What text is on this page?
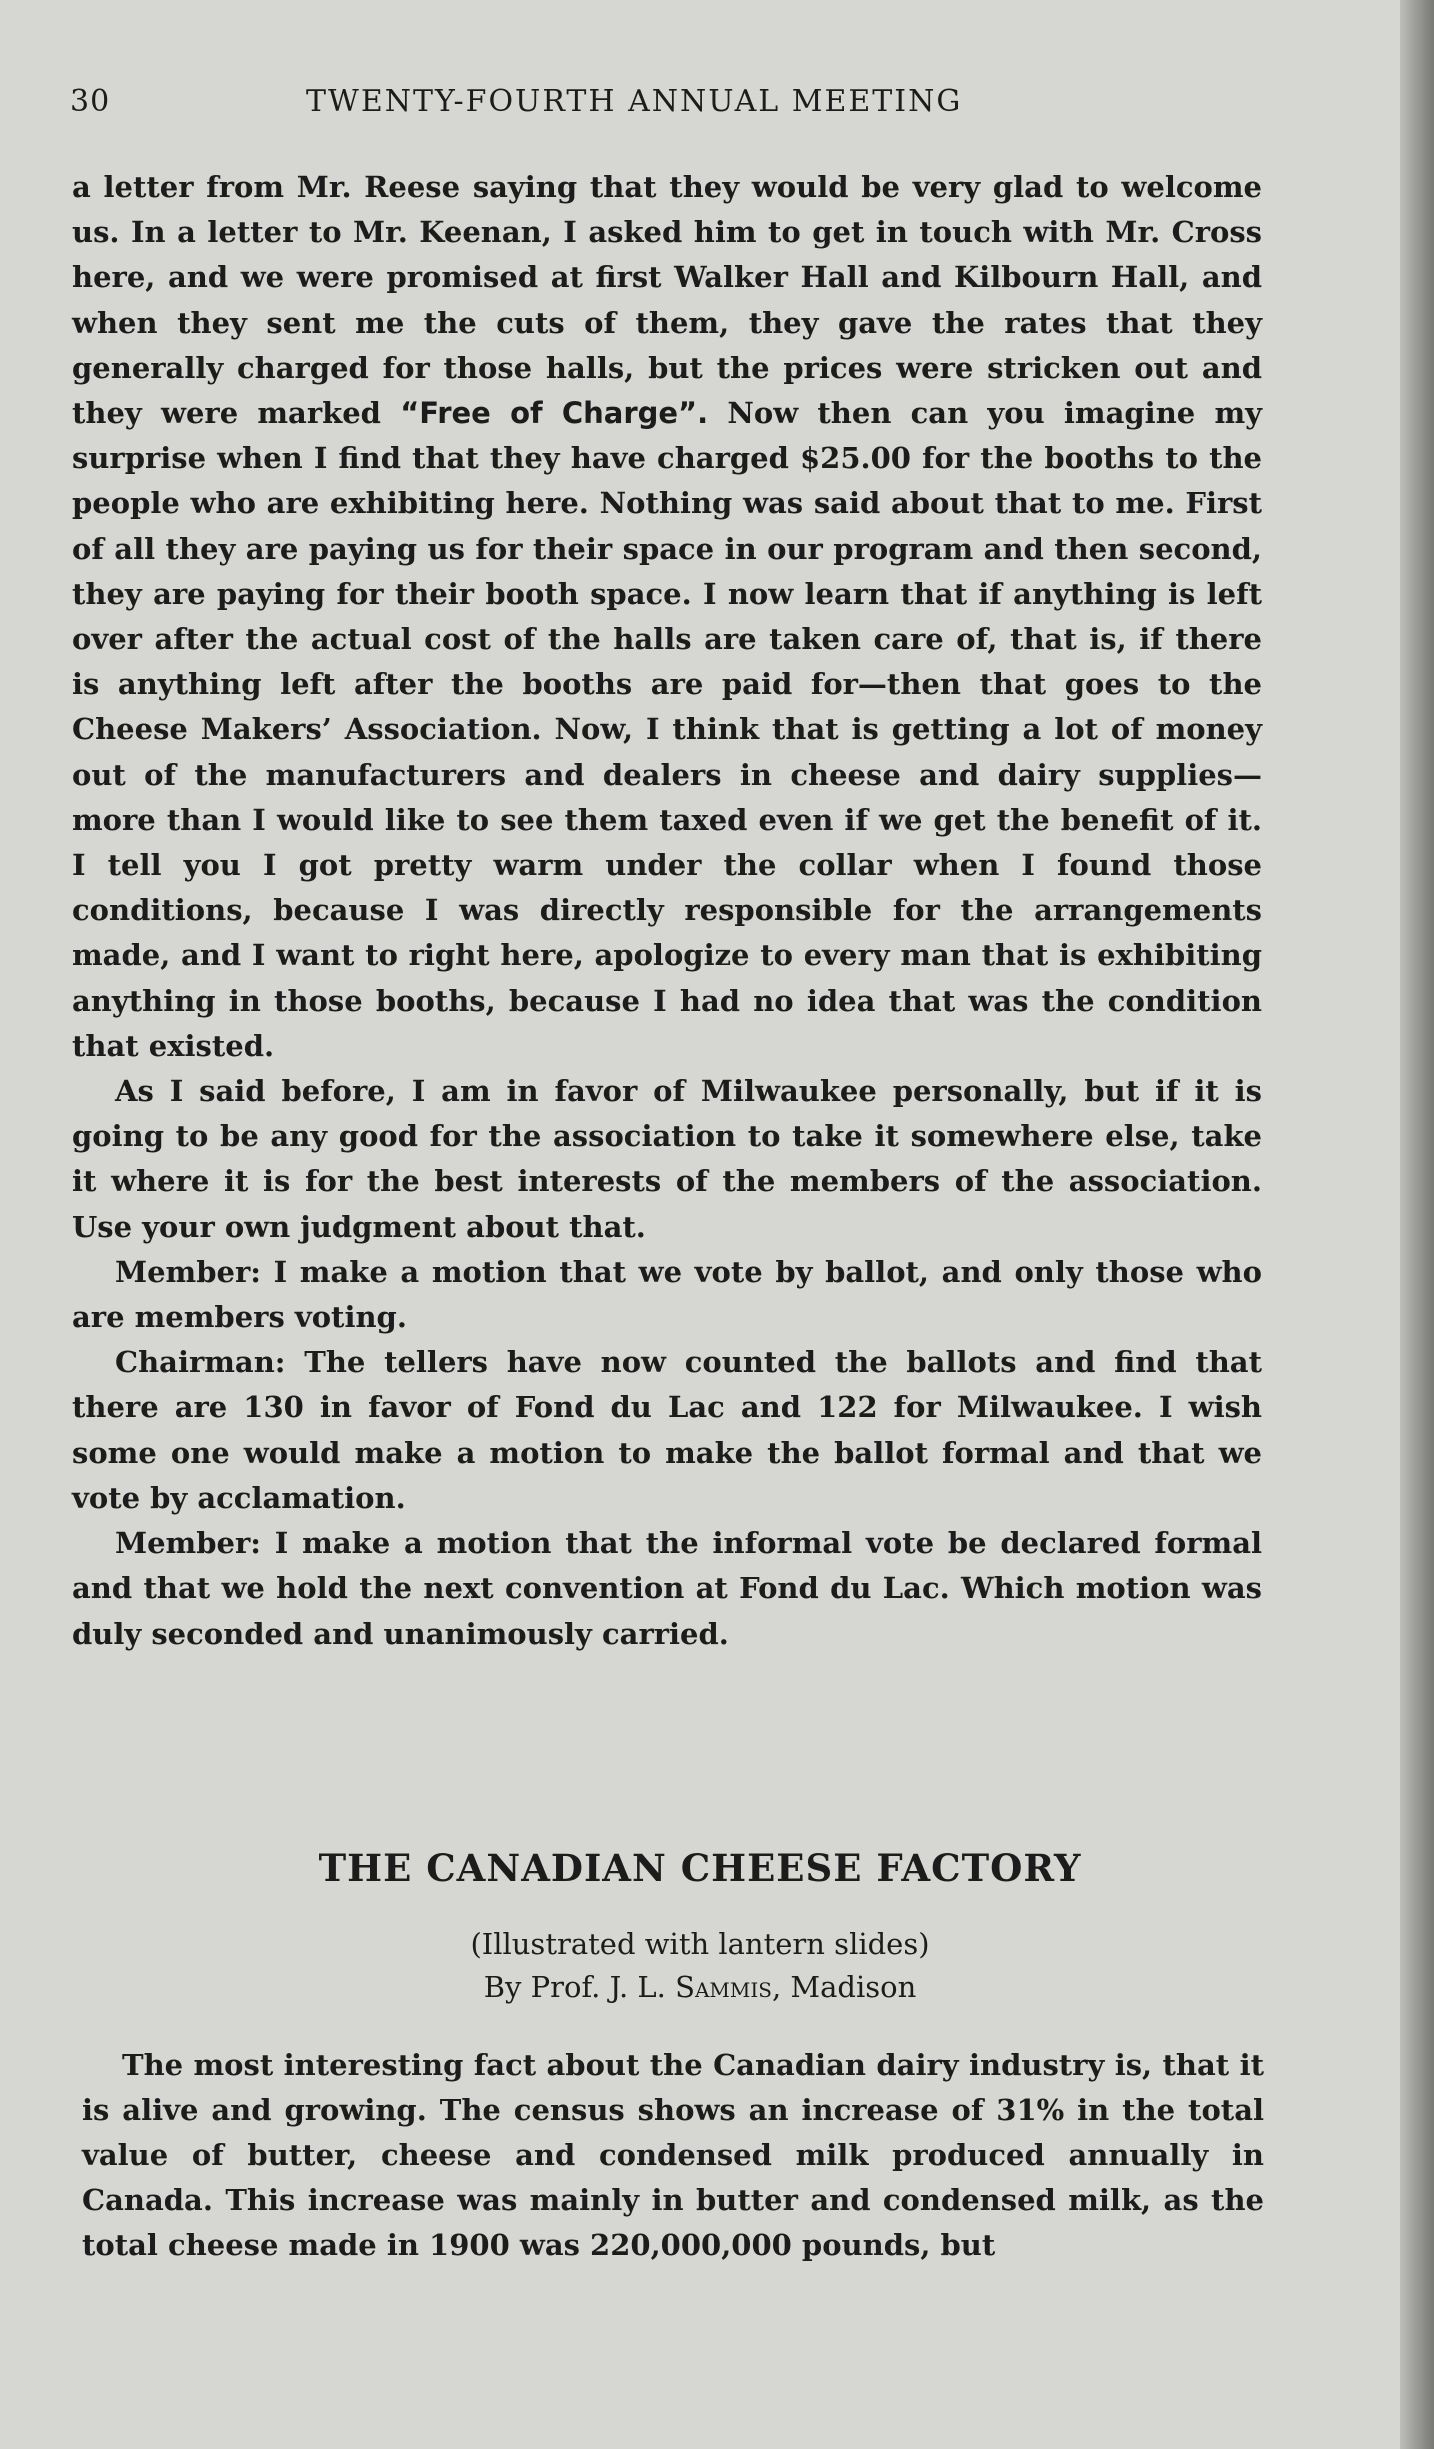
30	TWENTY-FOURTH ANNUAL MEETING

a letter from Mr. Reese saying that they would be very glad to welcome us. In a letter to Mr. Keenan, I asked him to get in touch with Mr. Cross here, and we were promised at first Walker Hall and Kilbourn Hall, and when they sent me the cuts of them, they gave the rates that they generally charged for those halls, but the prices were stricken out and they were marked “Free of Charge”. Now then can you imagine my surprise when I find that they have charged $25.00 for the booths to the people who are exhibiting here. Nothing was said about that to me. First of all they are paying us for their space in our program and then second, they are paying for their booth space. I now learn that if anything is left over after the actual cost of the halls are taken care of, that is, if there is anything left after the booths are paid for—then that goes to the Cheese Makers’ Association. Now, I think that is getting a lot of money out of the manufacturers and dealers in cheese and dairy supplies—more than I would like to see them taxed even if we get the benefit of it. I tell you I got pretty warm under the collar when I found those conditions, because I was directly responsible for the arrangements made, and I want to right here, apologize to every man that is exhibiting anything in those booths, because I had no idea that was the condition that existed.

As I said before, I am in favor of Milwaukee personally, but if it is going to be any good for the association to take it somewhere else, take it where it is for the best interests of the members of the association. Use your own judgment about that.

Member: I make a motion that we vote by ballot, and only those who are members voting.

Chairman: The tellers have now counted the ballots and find that there are 130 in favor of Fond du Lac and 122 for Milwaukee. I wish some one would make a motion to make the ballot formal and that we vote by acclamation.

Member: I make a motion that the informal vote be declared formal and that we hold the next convention at Fond du Lac. Which motion was duly seconded and unanimously carried.

THE CANADIAN CHEESE FACTORY
(Illustrated with lantern slides)
By Prof. J. L. Sammis, Madison

The most interesting fact about the Canadian dairy industry is, that it is alive and growing. The census shows an increase of 31% in the total value of butter, cheese and condensed milk produced annually in Canada. This increase was mainly in butter and condensed milk, as the total cheese made in 1900 was 220,000,000 pounds, but
